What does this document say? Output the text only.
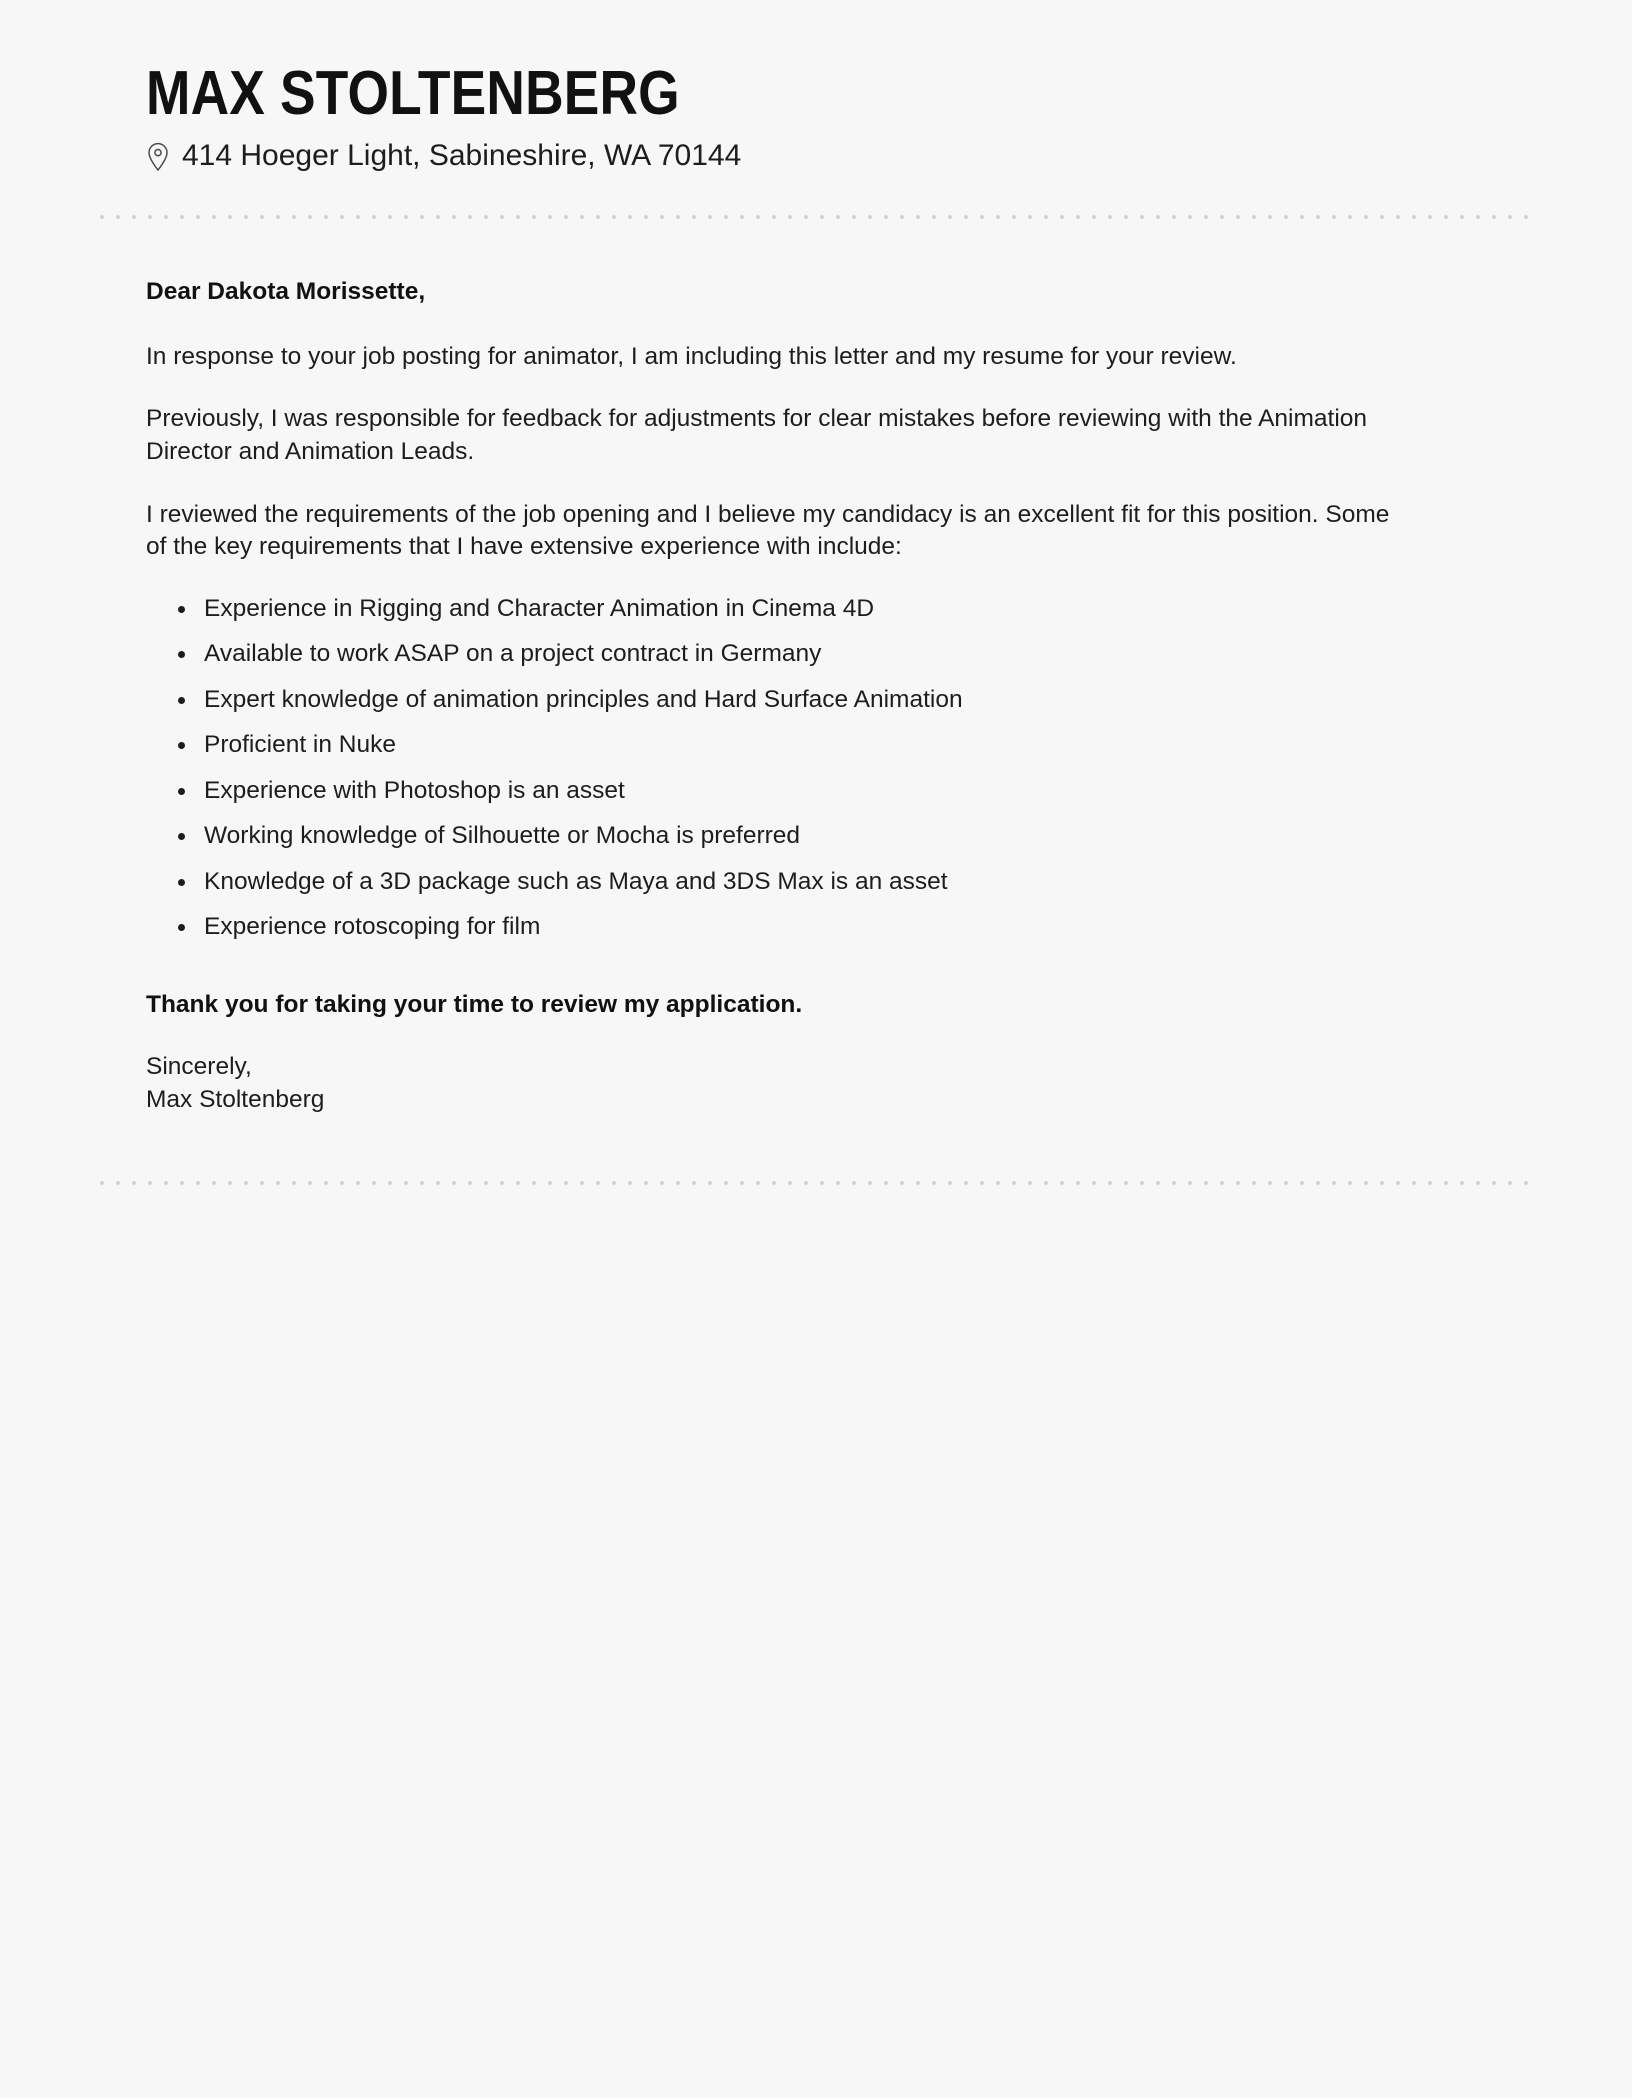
MAX STOLTENBERG
414 Hoeger Light, Sabineshire, WA 70144

Dear Dakota Morissette,

In response to your job posting for animator, I am including this letter and my resume for your review.

Previously, I was responsible for feedback for adjustments for clear mistakes before reviewing with the Animation Director and Animation Leads.

I reviewed the requirements of the job opening and I believe my candidacy is an excellent fit for this position. Some of the key requirements that I have extensive experience with include:

Experience in Rigging and Character Animation in Cinema 4D
Available to work ASAP on a project contract in Germany
Expert knowledge of animation principles and Hard Surface Animation
Proficient in Nuke
Experience with Photoshop is an asset
Working knowledge of Silhouette or Mocha is preferred
Knowledge of a 3D package such as Maya and 3DS Max is an asset
Experience rotoscoping for film

Thank you for taking your time to review my application.

Sincerely,
Max Stoltenberg
